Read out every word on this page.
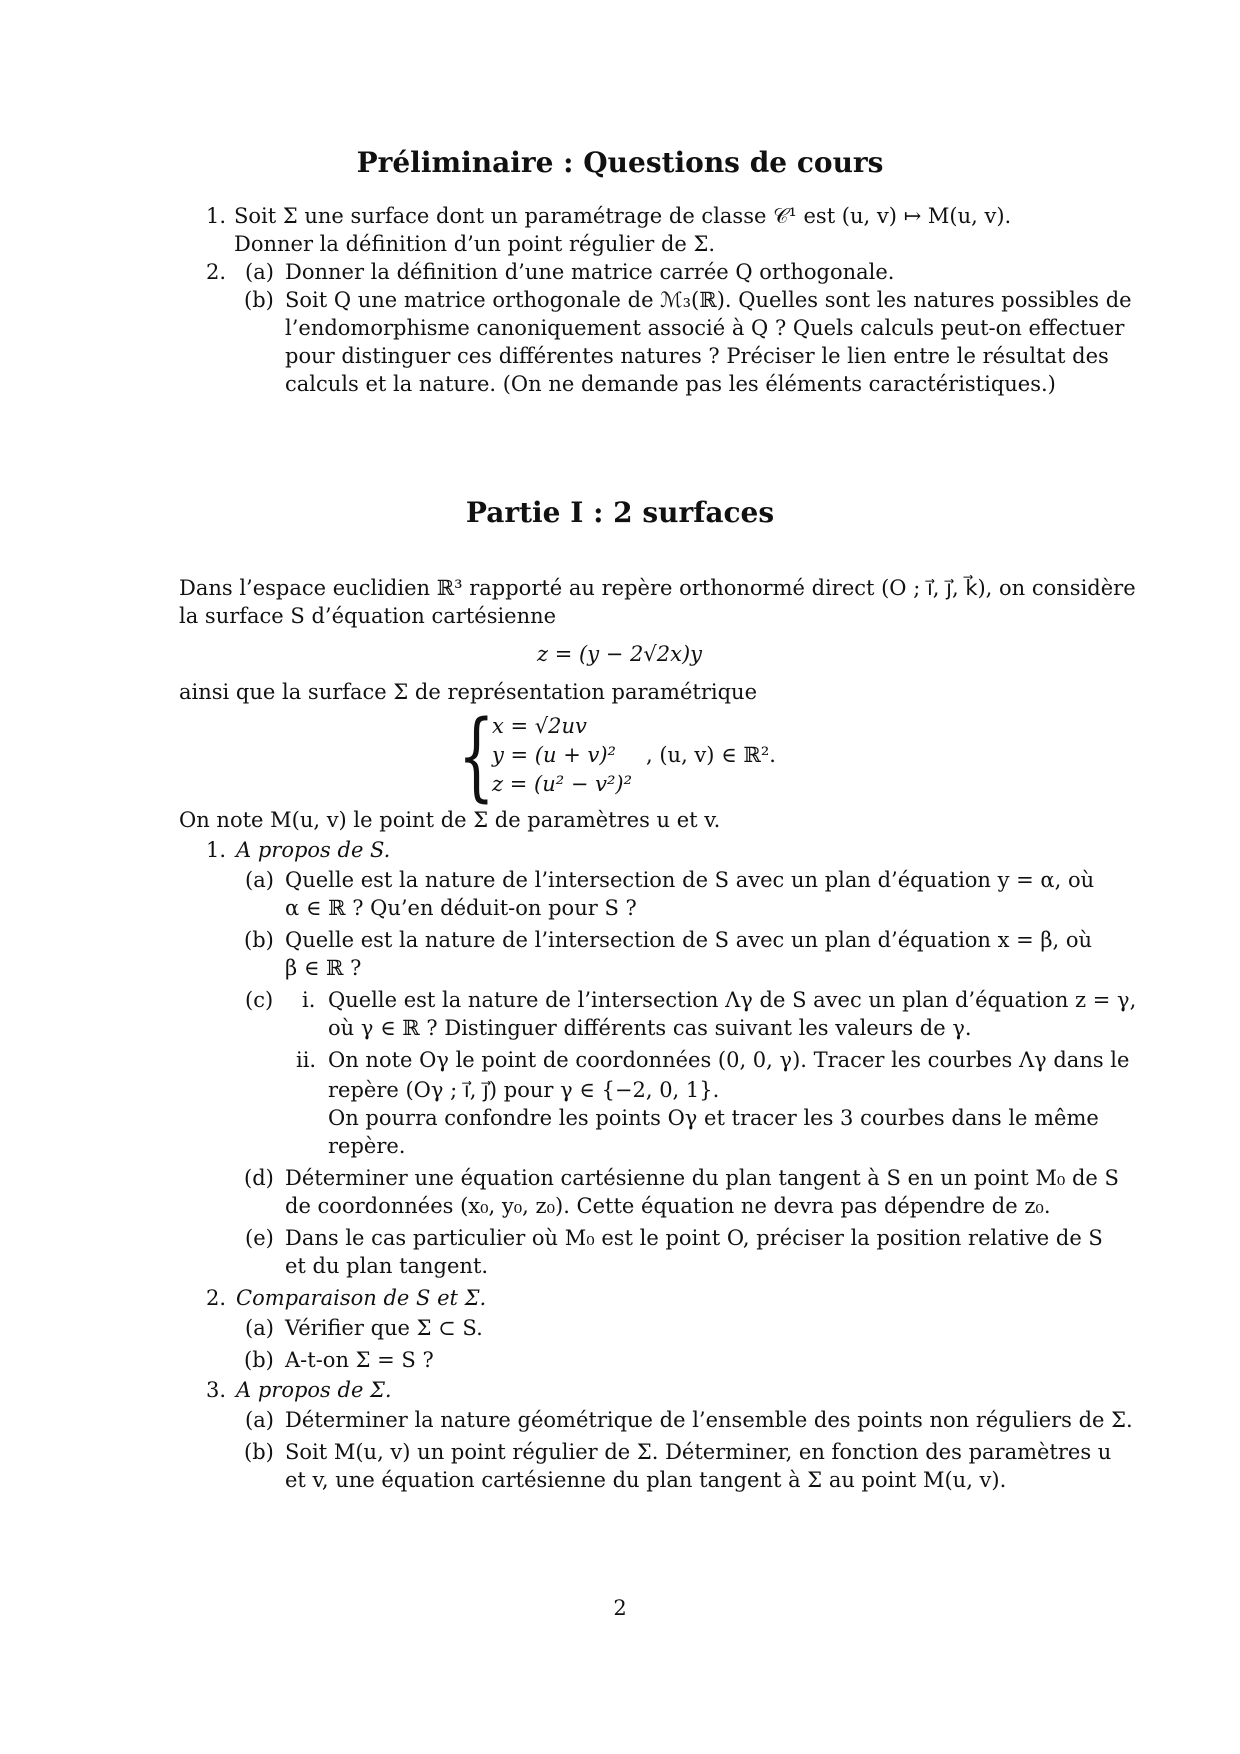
Préliminaire : Questions de cours
1. Soit Σ une surface dont un paramétrage de classe 𝒞¹ est (u, v) ↦ M(u, v).
Donner la définition d’un point régulier de Σ.
2. (a) Donner la définition d’une matrice carrée Q orthogonale.
(b) Soit Q une matrice orthogonale de ℳ₃(ℝ). Quelles sont les natures possibles de
l’endomorphisme canoniquement associé à Q ? Quels calculs peut-on effectuer
pour distinguer ces différentes natures ? Préciser le lien entre le résultat des
calculs et la nature. (On ne demande pas les éléments caractéristiques.)
Partie I : 2 surfaces
Dans l’espace euclidien ℝ³ rapporté au repère orthonormé direct (O ; i⃗, j⃗, k⃗), on considère
la surface S d’équation cartésienne
z = (y − 2√2x)y
ainsi que la surface Σ de représentation paramétrique
{
x = √2uv
y = (u + v)²
z = (u² − v²)²
, (u, v) ∈ ℝ².
On note M(u, v) le point de Σ de paramètres u et v.
1. A propos de S.
(a) Quelle est la nature de l’intersection de S avec un plan d’équation y = α, où
α ∈ ℝ ? Qu’en déduit-on pour S ?
(b) Quelle est la nature de l’intersection de S avec un plan d’équation x = β, où
β ∈ ℝ ?
(c) i. Quelle est la nature de l’intersection Λγ de S avec un plan d’équation z = γ,
où γ ∈ ℝ ? Distinguer différents cas suivant les valeurs de γ.
ii. On note Oγ le point de coordonnées (0, 0, γ). Tracer les courbes Λγ dans le
repère (Oγ ; i⃗, j⃗) pour γ ∈ {−2, 0, 1}.
On pourra confondre les points Oγ et tracer les 3 courbes dans le même
repère.
(d) Déterminer une équation cartésienne du plan tangent à S en un point M₀ de S
de coordonnées (x₀, y₀, z₀). Cette équation ne devra pas dépendre de z₀.
(e) Dans le cas particulier où M₀ est le point O, préciser la position relative de S
et du plan tangent.
2. Comparaison de S et Σ.
(a) Vérifier que Σ ⊂ S.
(b) A-t-on Σ = S ?
3. A propos de Σ.
(a) Déterminer la nature géométrique de l’ensemble des points non réguliers de Σ.
(b) Soit M(u, v) un point régulier de Σ. Déterminer, en fonction des paramètres u
et v, une équation cartésienne du plan tangent à Σ au point M(u, v).
2
